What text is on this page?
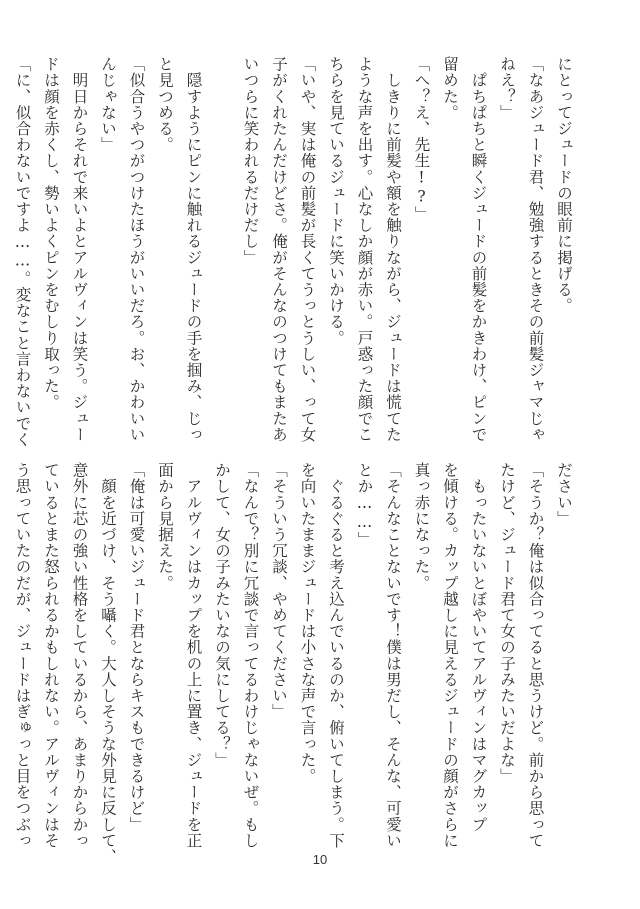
にとってジュードの眼前に掲げる。
「なあジュード君、勉強するときその前髪ジャマじゃ
ねえ？」
　ぱちぱちと瞬くジュードの前髪をかきわけ、ピンで
留めた。
「へ？え、先生!?」
　しきりに前髪や額を触りながら、ジュードは慌てた
ような声を出す。心なしか顔が赤い。戸惑った顔でこ
ちらを見ているジュードに笑いかける。
「いや、実は俺の前髪が長くてうっとうしい、って女
子がくれたんだけどさ。俺がそんなのつけてもまたあ
いつらに笑われるだけだし」

　隠すようにピンに触れるジュードの手を掴み、じっ
と見つめる。
「似合うやつがつけたほうがいいだろ。お、かわいい
んじゃない」
　明日からそれで来いよとアルヴィンは笑う。ジュー
ドは顔を赤くし、勢いよくピンをむしり取った。
「に、似合わないですよ……。変なこと言わないでく
ださい」
「そうか？俺は似合ってると思うけど。前から思って
たけど、ジュード君て女の子みたいだよな」
　もったいないとぼやいてアルヴィンはマグカップ
を傾ける。カップ越しに見えるジュードの顔がさらに
真っ赤になった。
「そんなことないです！僕は男だし、そんな、可愛い
とか……」
　ぐるぐると考え込んでいるのか、俯いてしまう。下
を向いたままジュードは小さな声で言った。
「そういう冗談、やめてください」
「なんで？別に冗談で言ってるわけじゃないぜ。もし
かして、女の子みたいなの気にしてる？」
　アルヴィンはカップを机の上に置き、ジュードを正
面から見据えた。
「俺は可愛いジュード君とならキスもできるけど」
　顔を近づけ、そう囁く。大人しそうな外見に反して、
意外に芯の強い性格をしているから、あまりからかっ
ているとまた怒られるかもしれない。アルヴィンはそ
う思っていたのだが、ジュードはぎゅっと目をつぶっ
10
